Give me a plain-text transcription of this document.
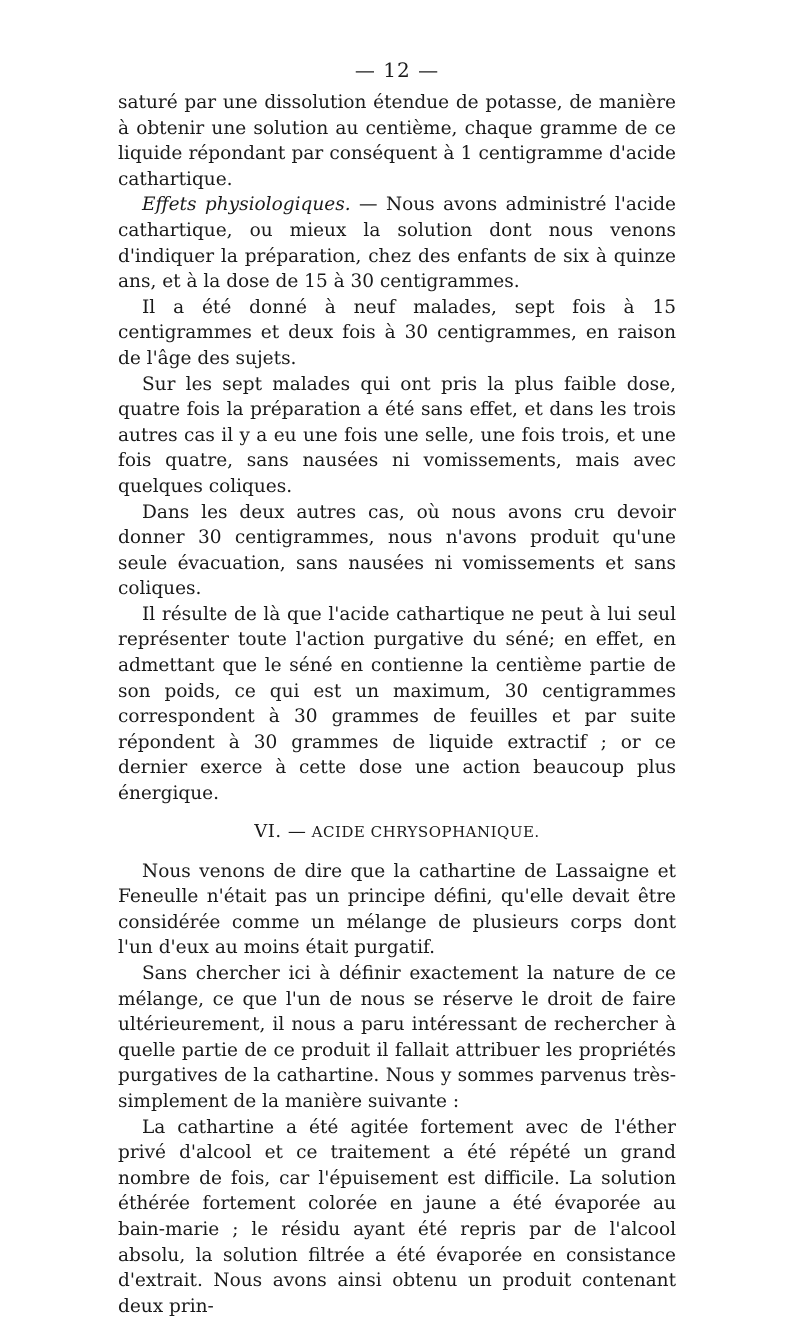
— 12 —

saturé par une dissolution étendue de potasse, de manière à obtenir une solution au centième, chaque gramme de ce liquide répondant par conséquent à 1 centigramme d'acide cathartique.

Effets physiologiques. — Nous avons administré l'acide cathartique, ou mieux la solution dont nous venons d'indiquer la préparation, chez des enfants de six à quinze ans, et à la dose de 15 à 30 centigrammes.

Il a été donné à neuf malades, sept fois à 15 centigrammes et deux fois à 30 centigrammes, en raison de l'âge des sujets.

Sur les sept malades qui ont pris la plus faible dose, quatre fois la préparation a été sans effet, et dans les trois autres cas il y a eu une fois une selle, une fois trois, et une fois quatre, sans nausées ni vomissements, mais avec quelques coliques.

Dans les deux autres cas, où nous avons cru devoir donner 30 centigrammes, nous n'avons produit qu'une seule évacuation, sans nausées ni vomissements et sans coliques.

Il résulte de là que l'acide cathartique ne peut à lui seul représenter toute l'action purgative du séné; en effet, en admettant que le séné en contienne la centième partie de son poids, ce qui est un maximum, 30 centigrammes correspondent à 30 grammes de feuilles et par suite répondent à 30 grammes de liquide extractif ; or ce dernier exerce à cette dose une action beaucoup plus énergique.

VI. — ACIDE CHRYSOPHANIQUE.

Nous venons de dire que la cathartine de Lassaigne et Feneulle n'était pas un principe défini, qu'elle devait être considérée comme un mélange de plusieurs corps dont l'un d'eux au moins était purgatif.

Sans chercher ici à définir exactement la nature de ce mélange, ce que l'un de nous se réserve le droit de faire ultérieurement, il nous a paru intéressant de rechercher à quelle partie de ce produit il fallait attribuer les propriétés purgatives de la cathartine. Nous y sommes parvenus très-simplement de la manière suivante :

La cathartine a été agitée fortement avec de l'éther privé d'alcool et ce traitement a été répété un grand nombre de fois, car l'épuisement est difficile. La solution éthérée fortement colorée en jaune a été évaporée au bain-marie ; le résidu ayant été repris par de l'alcool absolu, la solution filtrée a été évaporée en consistance d'extrait. Nous avons ainsi obtenu un produit contenant deux prin-
